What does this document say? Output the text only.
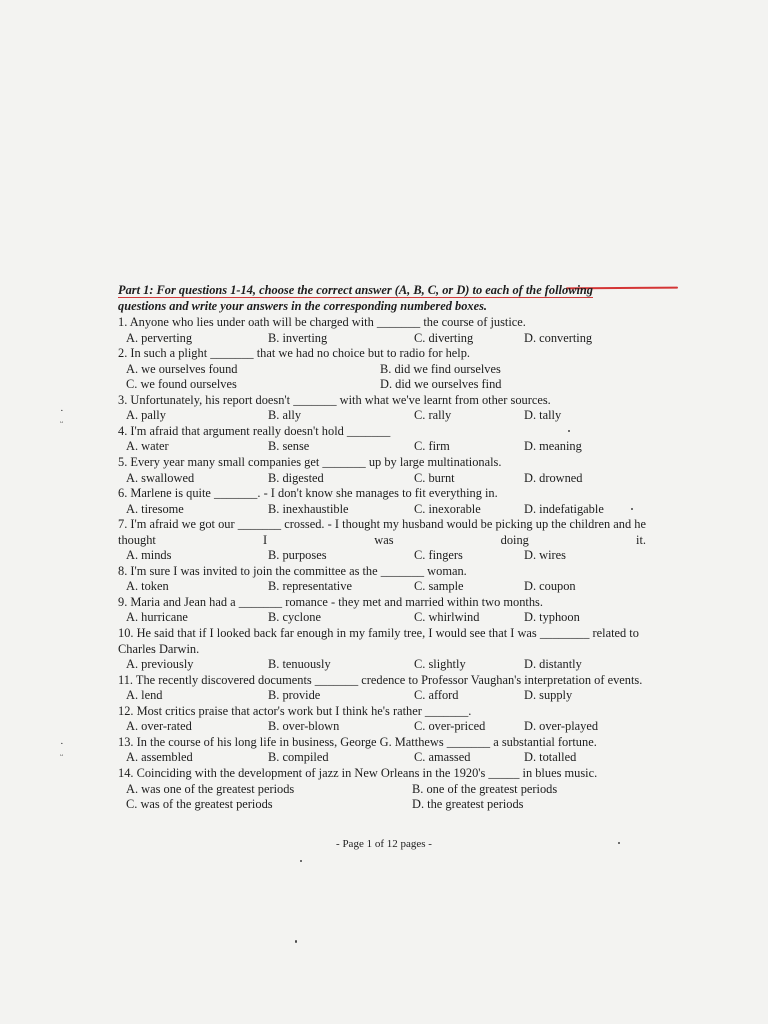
·
ᵕ
·
ᵕ
Part 1: For questions 1-14, choose the correct answer (A, B, C, or D) to each of the following
questions and write your answers in the corresponding numbered boxes.
1. Anyone who lies under oath will be charged with _______ the course of justice.
A. perverting	B. inverting	C. diverting	D. converting
2. In such a plight _______ that we had no choice but to radio for help.
A. we ourselves found	B. did we find ourselves
C. we found ourselves	D. did we ourselves find
3. Unfortunately, his report doesn't _______ with what we've learnt from other sources.
A. pally	B. ally	C. rally	D. tally
4. I'm afraid that argument really doesn't hold _______
A. water	B. sense	C. firm	D. meaning
5. Every year many small companies get _______ up by large multinationals.
A. swallowed	B. digested	C. burnt	D. drowned
6. Marlene is quite _______. - I don't know she manages to fit everything in.
A. tiresome	B. inexhaustible	C. inexorable	D. indefatigable
7. I'm afraid we got our _______ crossed. - I thought my husband would be picking up the children and he thought I was doing it.
A. minds	B. purposes	C. fingers	D. wires
8. I'm sure I was invited to join the committee as the _______ woman.
A. token	B. representative	C. sample	D. coupon
9. Maria and Jean had a _______ romance - they met and married within two months.
A. hurricane	B. cyclone	C. whirlwind	D. typhoon
10. He said that if I looked back far enough in my family tree, I would see that I was ________ related to Charles Darwin.
A. previously	B. tenuously	C. slightly	D. distantly
11. The recently discovered documents _______ credence to Professor Vaughan's interpretation of events.
A. lend	B. provide	C. afford	D. supply
12. Most critics praise that actor's work but I think he's rather _______.
A. over-rated	B. over-blown	C. over-priced	D. over-played
13. In the course of his long life in business, George G. Matthews _______ a substantial fortune.
A. assembled	B. compiled	C. amassed	D. totalled
14. Coinciding with the development of jazz in New Orleans in the 1920's _____ in blues music.
A. was one of the greatest periods	B. one of the greatest periods
C. was of the greatest periods	D. the greatest periods
- Page 1 of 12 pages -
